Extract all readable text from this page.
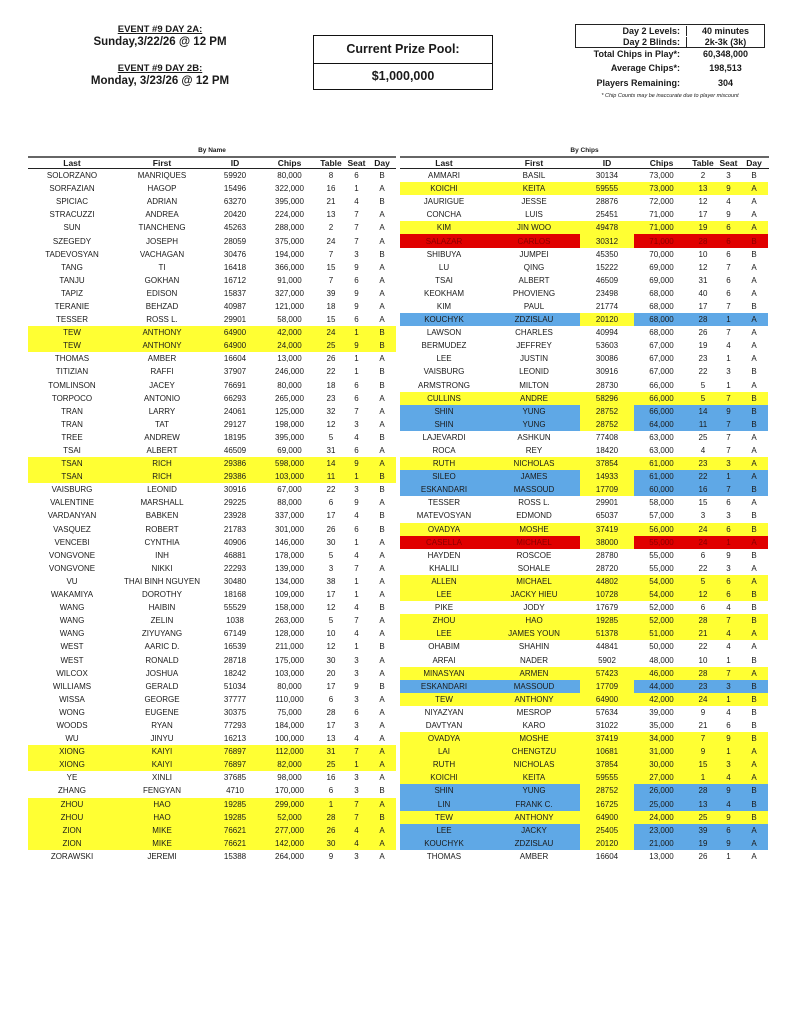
EVENT #9 DAY 2A:
Sunday,3/22/26 @ 12 PM
EVENT #9 DAY 2B:
Monday, 3/23/26 @ 12 PM
Current Prize Pool:
$1,000,000
Day 2 Levels:	40 minutes
Day 2 Blinds:	2k-3k (3k)
Total Chips in Play*:	60,348,000
Average Chips*:	198,513
Players Remaining:	304
* Chip Counts may be inaccurate due to player miscount
By Name
Last	First	ID	Chips	Table Seat	Day
SOLORZANO	MANRIQUES	59920	80,000	8	6	B
SORFAZIAN	HAGOP	15496	322,000	16	1	A
SPICIAC	ADRIAN	63270	395,000	21	4	B
STRACUZZI	ANDREA	20420	224,000	13	7	A
SUN	TIANCHENG	45263	288,000	2	7	A
SZEGEDY	JOSEPH	28059	375,000	24	7	A
TADEVOSYAN	VACHAGAN	30476	194,000	7	3	B
TANG	TI	16418	366,000	15	9	A
TANJU	GOKHAN	16712	91,000	7	6	A
TAPIZ	EDISON	15837	327,000	39	9	A
TERANIE	BEHZAD	40987	121,000	18	9	A
TESSER	ROSS L.	29901	58,000	15	6	A
TEW	ANTHONY	64900	42,000	24	1	B
TEW	ANTHONY	64900	24,000	25	9	B
THOMAS	AMBER	16604	13,000	26	1	A
TITIZIAN	RAFFI	37907	246,000	22	1	B
TOMLINSON	JACEY	76691	80,000	18	6	B
TORPOCO	ANTONIO	66293	265,000	23	6	A
TRAN	LARRY	24061	125,000	32	7	A
TRAN	TAT	29127	198,000	12	3	A
TREE	ANDREW	18195	395,000	5	4	B
TSAI	ALBERT	46509	69,000	31	6	A
TSAN	RICH	29386	598,000	14	9	A
TSAN	RICH	29386	103,000	11	1	B
VAISBURG	LEONID	30916	67,000	22	3	B
VALENTINE	MARSHALL	29225	88,000	6	9	A
VARDANYAN	BABKEN	23928	337,000	17	4	B
VASQUEZ	ROBERT	21783	301,000	26	6	B
VENCEBI	CYNTHIA	40906	146,000	30	1	A
VONGVONE	INH	46881	178,000	5	4	A
VONGVONE	NIKKI	22293	139,000	3	7	A
VU	THAI BINH NGUYEN	30480	134,000	38	1	A
WAKAMIYA	DOROTHY	18168	109,000	17	1	A
WANG	HAIBIN	55529	158,000	12	4	B
WANG	ZELIN	1038	263,000	5	7	A
WANG	ZIYUYANG	67149	128,000	10	4	A
WEST	AARIC D.	16539	211,000	12	1	B
WEST	RONALD	28718	175,000	30	3	A
WILCOX	JOSHUA	18242	103,000	20	3	A
WILLIAMS	GERALD	51034	80,000	17	9	B
WISSA	GEORGE	37777	110,000	6	3	A
WONG	EUGENE	30375	75,000	28	6	A
WOODS	RYAN	77293	184,000	17	3	A
WU	JINYU	16213	100,000	13	4	A
XIONG	KAIYI	76897	112,000	31	7	A
XIONG	KAIYI	76897	82,000	25	1	A
YE	XINLI	37685	98,000	16	3	A
ZHANG	FENGYAN	4710	170,000	6	3	B
ZHOU	HAO	19285	299,000	1	7	A
ZHOU	HAO	19285	52,000	28	7	B
ZION	MIKE	76621	277,000	26	4	A
ZION	MIKE	76621	142,000	30	4	A
ZORAWSKI	JEREMI	15388	264,000	9	3	A
By Chips
Last	First	ID	Chips	Table Seat	Day
AMMARI	BASIL	30134	73,000	2	3	B
KOICHI	KEITA	59555	73,000	13	9	A
JAURIGUE	JESSE	28876	72,000	12	4	A
CONCHA	LUIS	25451	71,000	17	9	A
KIM	JIN WOO	49478	71,000	19	6	A
SALAZAR	CARLOS	30312	71,000	28	6	B
SHIBUYA	JUMPEI	45350	70,000	10	6	B
LU	QING	15222	69,000	12	7	A
TSAI	ALBERT	46509	69,000	31	6	A
KEOKHAM	PHOVIENG	23498	68,000	40	6	A
KIM	PAUL	21774	68,000	17	7	B
KOUCHYK	ZDZISLAU	20120	68,000	28	1	A
LAWSON	CHARLES	40994	68,000	26	7	A
BERMUDEZ	JEFFREY	53603	67,000	19	4	A
LEE	JUSTIN	30086	67,000	23	1	A
VAISBURG	LEONID	30916	67,000	22	3	B
ARMSTRONG	MILTON	28730	66,000	5	1	A
CULLINS	ANDRE	58296	66,000	5	7	B
SHIN	YUNG	28752	66,000	14	9	B
SHIN	YUNG	28752	64,000	11	7	B
LAJEVARDI	ASHKUN	77408	63,000	25	7	A
ROCA	REY	18420	63,000	4	7	A
RUTH	NICHOLAS	37854	61,000	23	3	A
SILEO	JAMES	14933	61,000	22	1	A
ESKANDARI	MASSOUD	17709	60,000	16	7	B
TESSER	ROSS L.	29901	58,000	15	6	A
MATEVOSYAN	EDMOND	65037	57,000	3	3	B
OVADYA	MOSHE	37419	56,000	24	6	B
CASELLA	MICHAEL	38000	55,000	24	1	A
HAYDEN	ROSCOE	28780	55,000	6	9	B
KHALILI	SOHALE	28720	55,000	22	3	A
ALLEN	MICHAEL	44802	54,000	5	6	A
LEE	JACKY HIEU	10728	54,000	12	6	B
PIKE	JODY	17679	52,000	6	4	B
ZHOU	HAO	19285	52,000	28	7	B
LEE	JAMES YOUN	51378	51,000	21	4	A
OHABIM	SHAHIN	44841	50,000	22	4	A
ARFAI	NADER	5902	48,000	10	1	B
MINASYAN	ARMEN	57423	46,000	28	7	A
ESKANDARI	MASSOUD	17709	44,000	23	3	B
TEW	ANTHONY	64900	42,000	24	1	B
NIYAZYAN	MESROP	57634	39,000	9	4	B
DAVTYAN	KARO	31022	35,000	21	6	B
OVADYA	MOSHE	37419	34,000	7	9	B
LAI	CHENGTZU	10681	31,000	9	1	A
RUTH	NICHOLAS	37854	30,000	15	3	A
KOICHI	KEITA	59555	27,000	1	4	A
SHIN	YUNG	28752	26,000	28	9	B
LIN	FRANK C.	16725	25,000	13	4	B
TEW	ANTHONY	64900	24,000	25	9	B
LEE	JACKY	25405	23,000	39	6	A
KOUCHYK	ZDZISLAU	20120	21,000	19	9	A
THOMAS	AMBER	16604	13,000	26	1	A
